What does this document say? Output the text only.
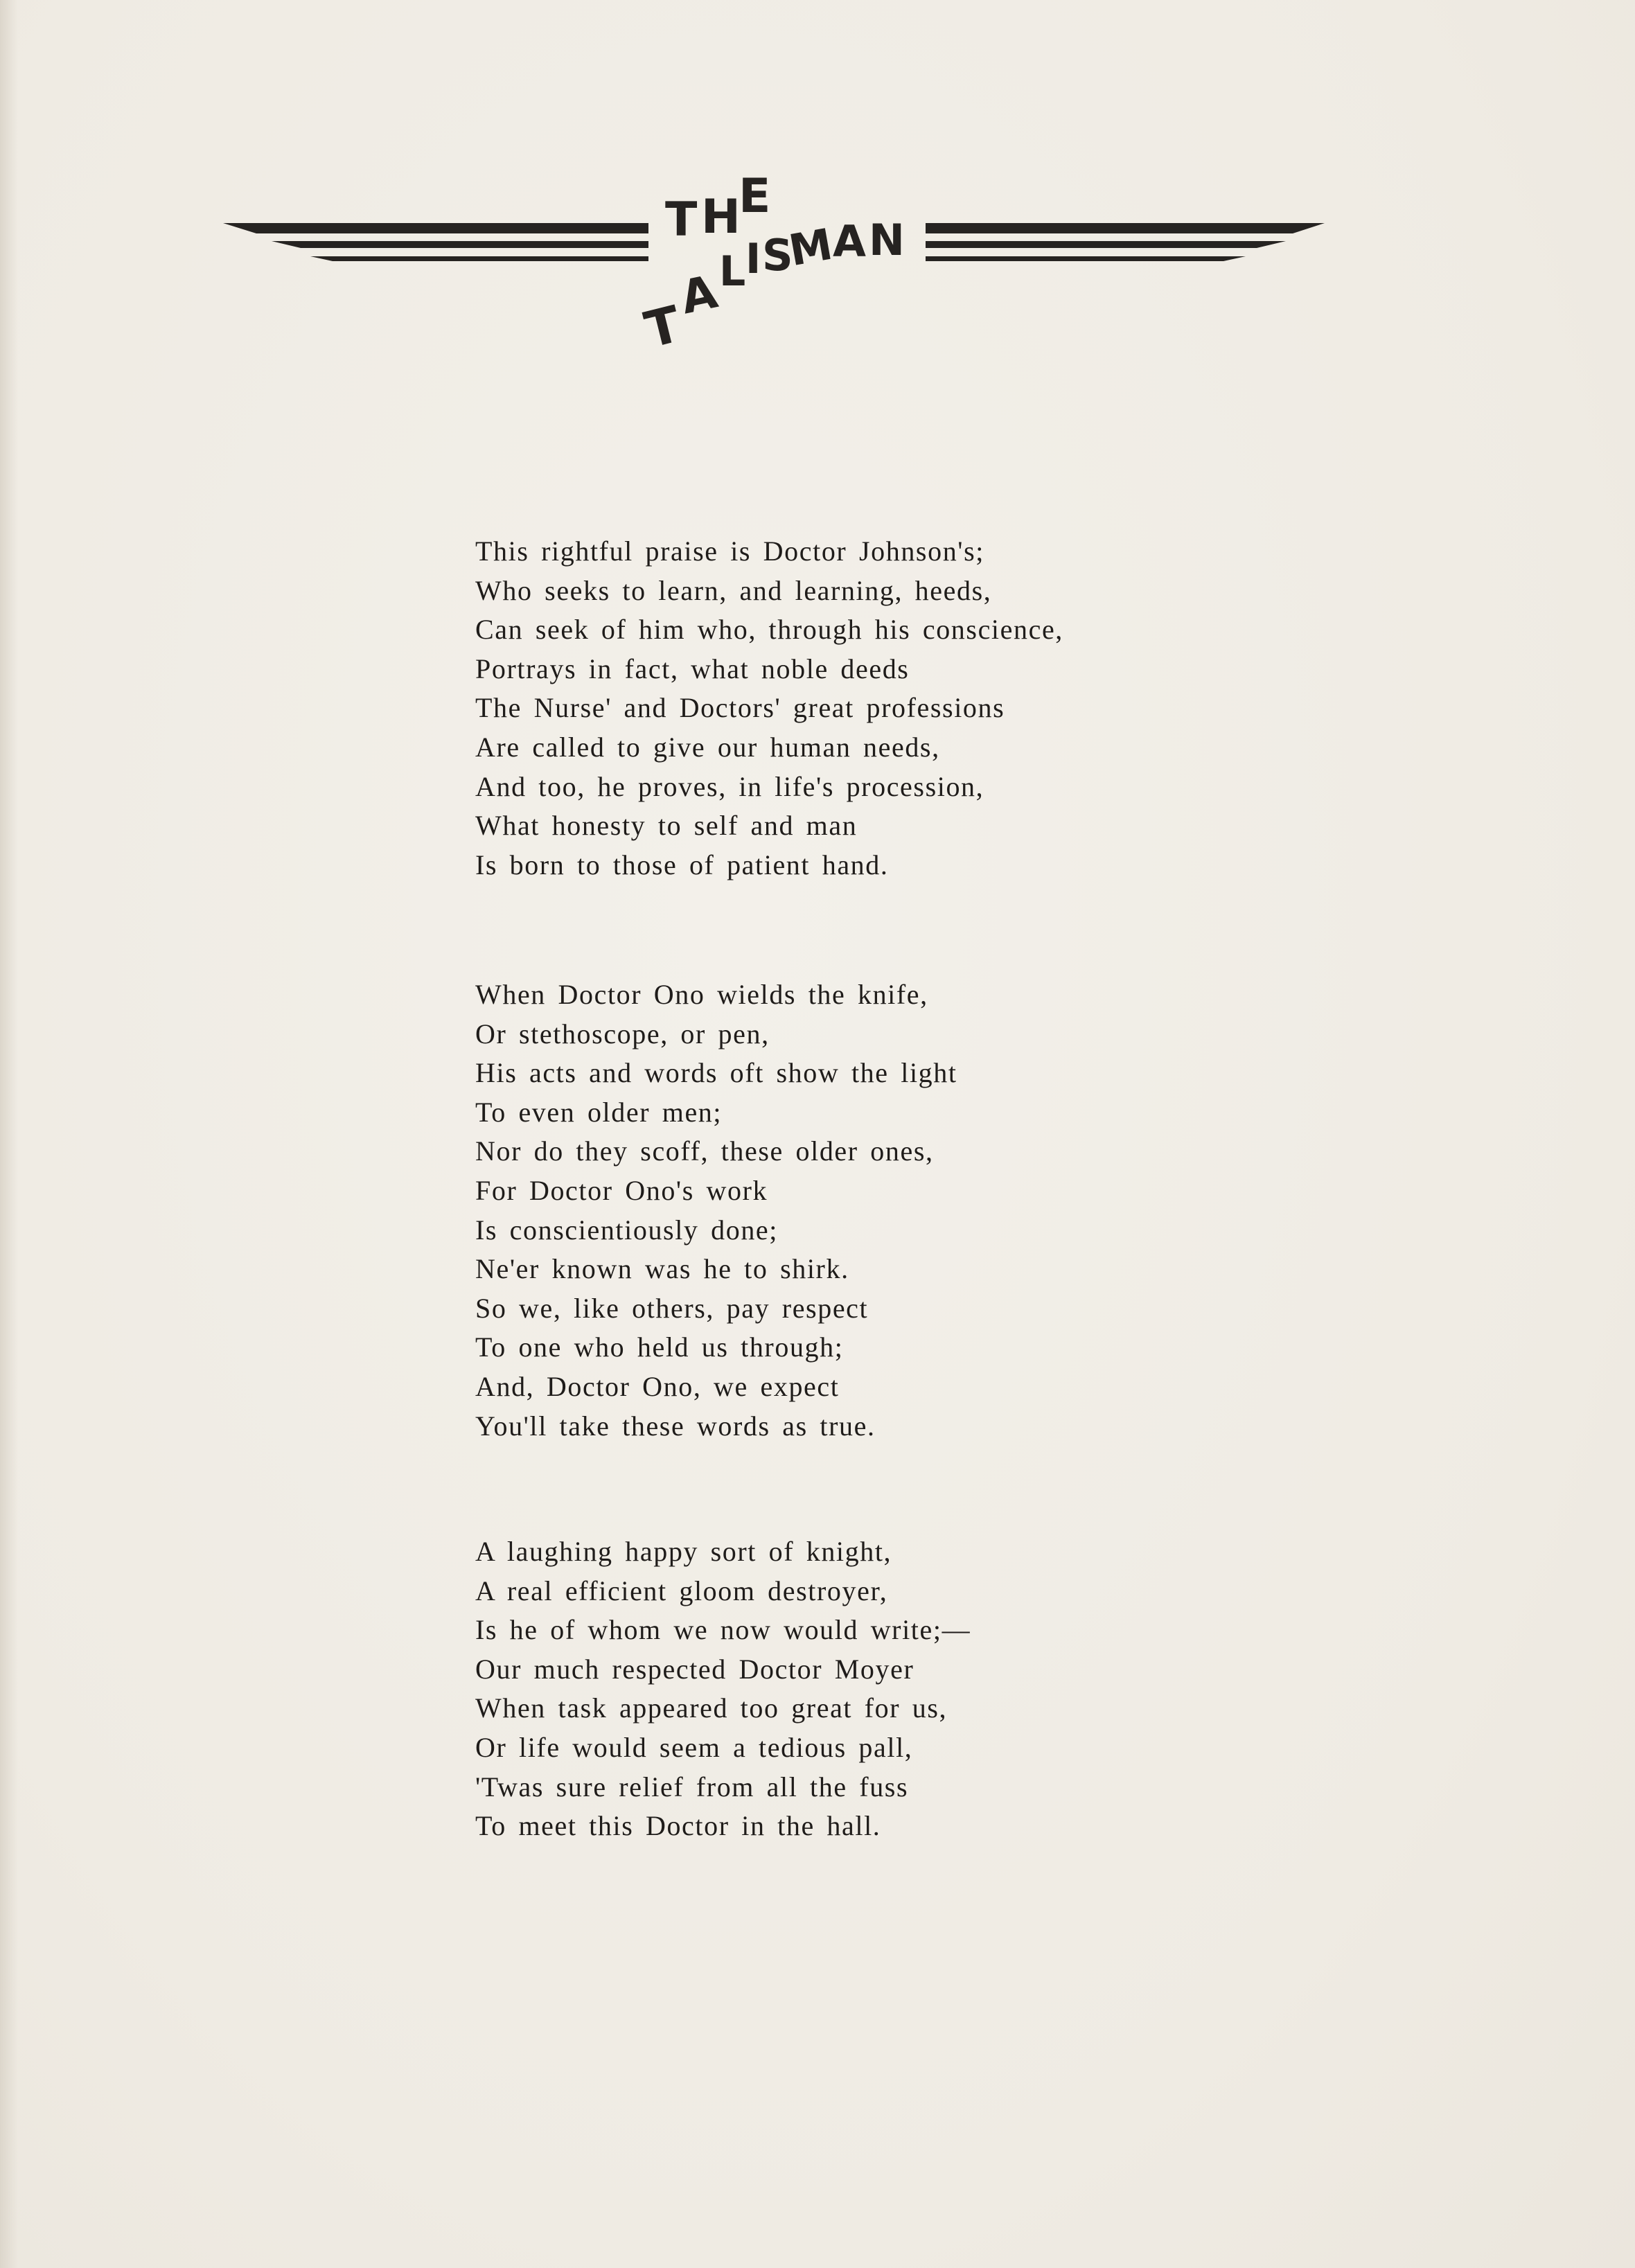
T H
E
T
A
L I S
M
A N
This rightful praise is Doctor Johnson's;
Who seeks to learn, and learning, heeds,
Can seek of him who, through his conscience,
Portrays in fact, what noble deeds
The Nurse' and Doctors' great professions
Are called to give our human needs,
And too, he proves, in life's procession,
What honesty to self and man
Is born to those of patient hand.
When Doctor Ono wields the knife,
Or stethoscope, or pen,
His acts and words oft show the light
To even older men;
Nor do they scoff, these older ones,
For Doctor Ono's work
Is conscientiously done;
Ne'er known was he to shirk.
So we, like others, pay respect
To one who held us through;
And, Doctor Ono, we expect
You'll take these words as true.
A laughing happy sort of knight,
A real efficient gloom destroyer,
Is he of whom we now would write;—
Our much respected Doctor Moyer
When task appeared too great for us,
Or life would seem a tedious pall,
'Twas sure relief from all the fuss
To meet this Doctor in the hall.
